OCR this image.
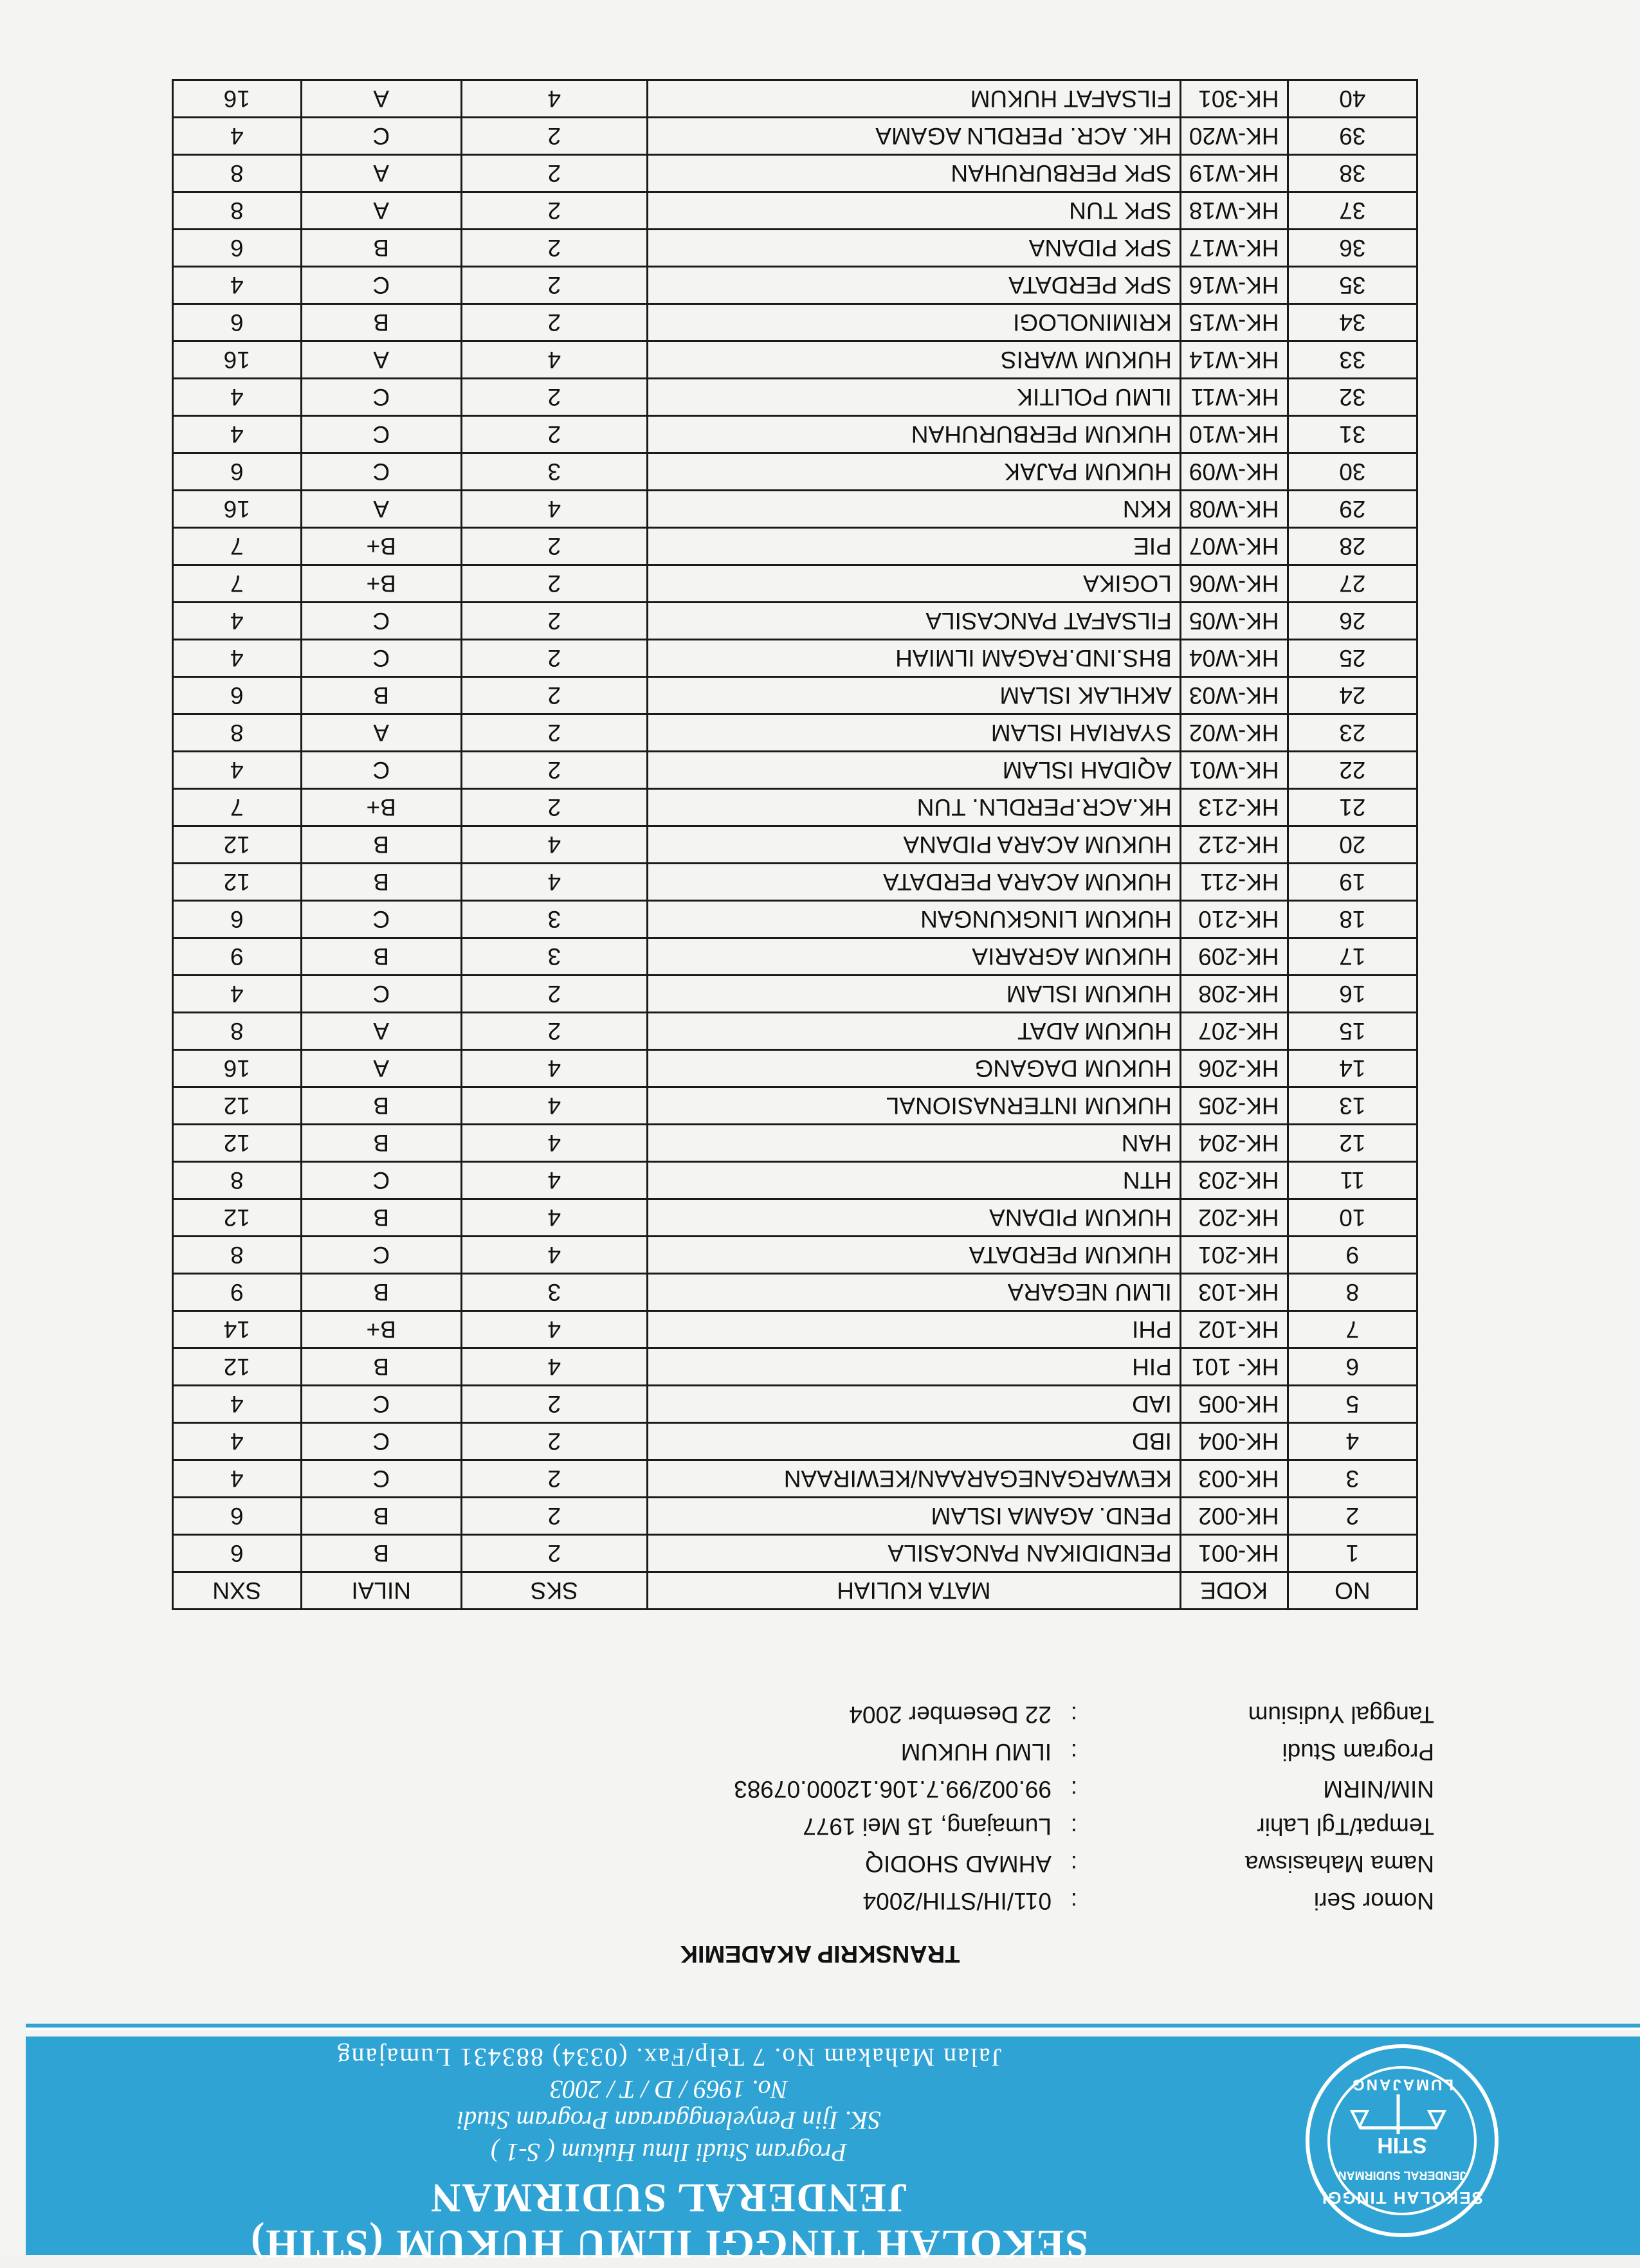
SEKOLAH TINGGI
JENDERAL SUDIRMAN
STIH
LUMAJANG
SEKOLAH TINGGI ILMU HUKUM (STIH)
JENDERAL SUDIRMAN
Program Studi Ilmu Hukum ( S-1 )
SK. Ijin Penyelenggaraan Program Studi
No. 1969 / D / T / 2003
Jalan Mahakam No. 7 Telp/Fax. (0334) 883431 Lumajang
TRANSKRIP AKADEMIK
Nomor Seri:011/IH/STIH/2004
Nama Mahasiswa:AHMAD SHODIQ
Tempat/Tgl Lahir:Lumajang, 15 Mei 1977
NIM/NIRM:99.002/99.7.106.12000.07983
Program Studi:ILMU HUKUM
Tanggal Yudisium:22 Desember 2004
NO	KODE	MATA KULIAH	SKS	NILAI	SXN
1	HK-001	PENDIDIKAN PANCASILA	2	B	6
2	HK-002	PEND. AGAMA ISLAM	2	B	6
3	HK-003	KEWARGANEGARAAN/KEWIRAAN	2	C	4
4	HK-004	IBD	2	C	4
5	HK-005	IAD	2	C	4
6	HK- 101	PIH	4	B	12
7	HK-102	PHI	4	B+	14
8	HK-103	ILMU NEGARA	3	B	9
9	HK-201	HUKUM PERDATA	4	C	8
10	HK-202	HUKUM PIDANA	4	B	12
11	HK-203	HTN	4	C	8
12	HK-204	HAN	4	B	12
13	HK-205	HUKUM INTERNASIONAL	4	B	12
14	HK-206	HUKUM DAGANG	4	A	16
15	HK-207	HUKUM ADAT	2	A	8
16	HK-208	HUKUM ISLAM	2	C	4
17	HK-209	HUKUM AGRARIA	3	B	9
18	HK-210	HUKUM LINGKUNGAN	3	C	6
19	HK-211	HUKUM ACARA PERDATA	4	B	12
20	HK-212	HUKUM ACARA PIDANA	4	B	12
21	HK-213	HK.ACR.PERDLN. TUN	2	B+	7
22	HK-W01	AQIDAH ISLAM	2	C	4
23	HK-W02	SYARIAH ISLAM	2	A	8
24	HK-W03	AKHLAK ISLAM	2	B	6
25	HK-W04	BHS.IND.RAGAM ILMIAH	2	C	4
26	HK-W05	FILSAFAT PANCASILA	2	C	4
27	HK-W06	LOGIKA	2	B+	7
28	HK-W07	PIE	2	B+	7
29	HK-W08	KKN	4	A	16
30	HK-W09	HUKUM PAJAK	3	C	6
31	HK-W10	HUKUM PERBURUHAN	2	C	4
32	HK-W11	ILMU POLITIK	2	C	4
33	HK-W14	HUKUM WARIS	4	A	16
34	HK-W15	KRIMINOLOGI	2	B	6
35	HK-W16	SPK PERDATA	2	C	4
36	HK-W17	SPK PIDANA	2	B	6
37	HK-W18	SPK TUN	2	A	8
38	HK-W19	SPK PERBURUHAN	2	A	8
39	HK-W20	HK. ACR. PERDLN AGAMA	2	C	4
40	HK-301	FILSAFAT HUKUM	4	A	16
